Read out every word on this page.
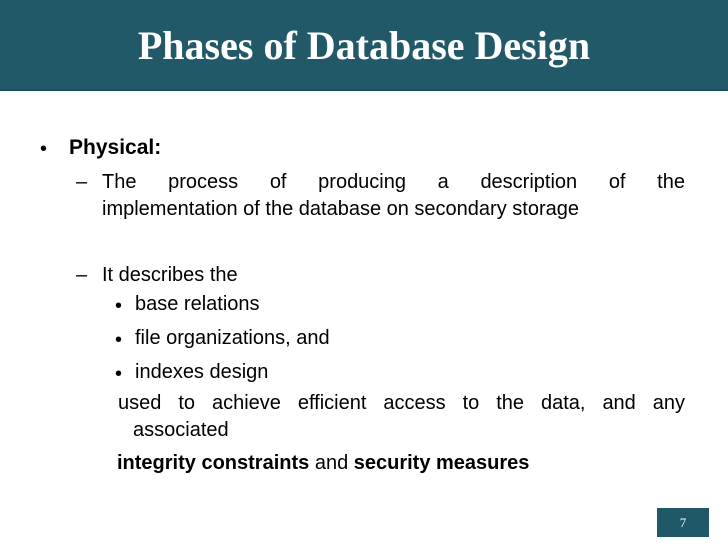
Phases of Database Design
• Physical:
– The process of producing a description of the
implementation of the database on secondary storage
– It describes the
• base relations
• file organizations, and
• indexes design
used to achieve efficient access to the data, and any
associated
integrity constraints and security measures
7
